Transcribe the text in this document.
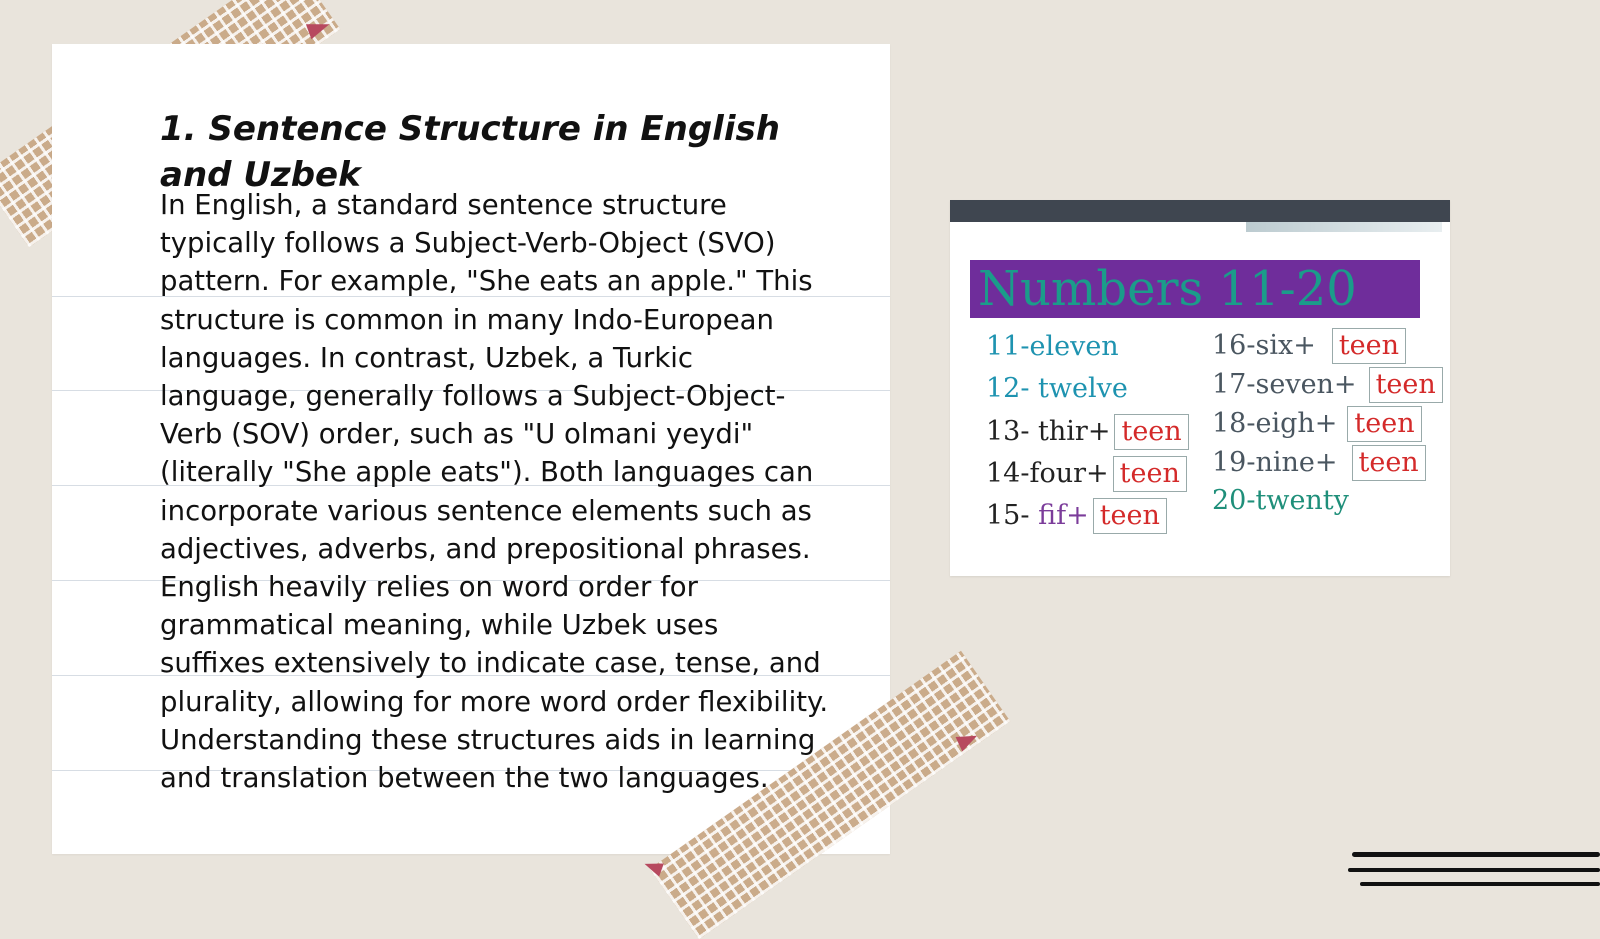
1. Sentence Structure in English and Uzbek

In English, a standard sentence structure typically follows a Subject-Verb-Object (SVO) pattern. For example, "She eats an apple." This structure is common in many Indo-European languages. In contrast, Uzbek, a Turkic language, generally follows a Subject-Object-Verb (SOV) order, such as "U olmani yeydi" (literally "She apple eats"). Both languages can incorporate various sentence elements such as adjectives, adverbs, and prepositional phrases. English heavily relies on word order for grammatical meaning, while Uzbek uses suffixes extensively to indicate case, tense, and plurality, allowing for more word order flexibility. Understanding these structures aids in learning and translation between the two languages.

Numbers 11-20
11-eleven
12- twelve
13- thir+ teen
14-four+ teen
15- fif+ teen
16-six+ teen
17-seven+ teen
18-eigh+ teen
19-nine+ teen
20-twenty
